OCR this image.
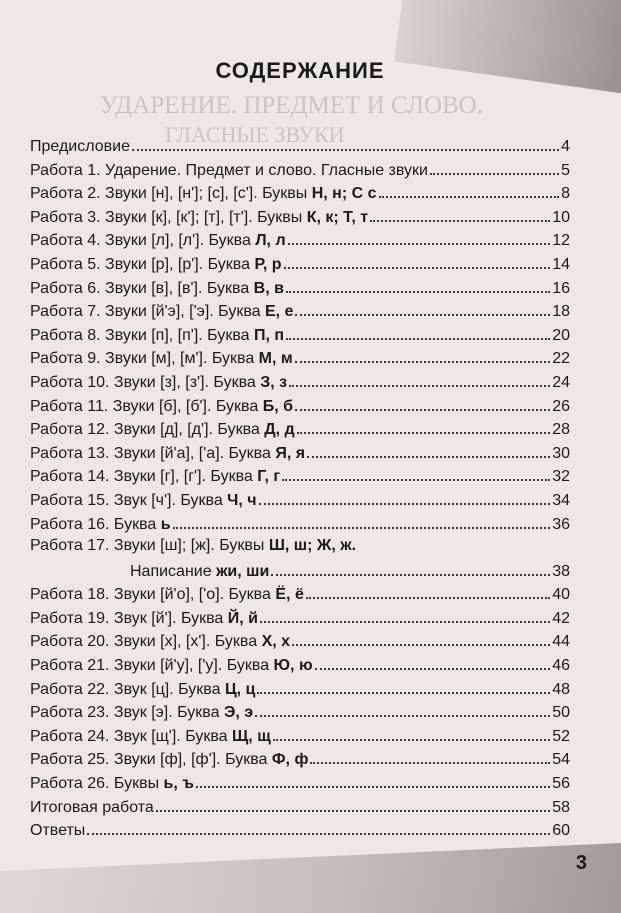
УДАРЕНИЕ. ПРЕДМЕТ И СЛОВО.
ГЛАСНЫЕ ЗВУКИ
СОДЕРЖАНИЕ
Предисловие	4
Работа 1. Ударение. Предмет и слово. Гласные звуки	5
Работа 2. Звуки [н], [н']; [с], [с']. Буквы Н, н; С с	8
Работа 3. Звуки [к], [к']; [т], [т']. Буквы К, к; Т, т	10
Работа 4. Звуки [л], [л']. Буква Л, л	12
Работа 5. Звуки [р], [р']. Буква Р, р	14
Работа 6. Звуки [в], [в']. Буква В, в	16
Работа 7. Звуки [й'э], ['э]. Буква Е, е	18
Работа 8. Звуки [п], [п']. Буква П, п	20
Работа 9. Звуки [м], [м']. Буква М, м	22
Работа 10. Звуки [з], [з']. Буква З, з	24
Работа 11. Звуки [б], [б']. Буква Б, б	26
Работа 12. Звуки [д], [д']. Буква Д, д	28
Работа 13. Звуки [й'а], ['а]. Буква Я, я	30
Работа 14. Звуки [г], [г']. Буква Г, г	32
Работа 15. Звук [ч']. Буква Ч, ч	34
Работа 16. Буква ь	36
Работа 17. Звуки [ш]; [ж]. Буквы Ш, ш; Ж, ж.
Написание жи, ши	38
Работа 18. Звуки [й'о], ['о]. Буква Ё, ё	40
Работа 19. Звук [й']. Буква Й, й	42
Работа 20. Звуки [х], [х']. Буква Х, х	44
Работа 21. Звуки [й'у], ['у]. Буква Ю, ю	46
Работа 22. Звук [ц]. Буква Ц, ц	48
Работа 23. Звук [э]. Буква Э, э	50
Работа 24. Звук [щ']. Буква Щ, щ	52
Работа 25. Звуки [ф], [ф']. Буква Ф, ф	54
Работа 26. Буквы ь, ъ	56
Итоговая работа	58
Ответы	60
3
